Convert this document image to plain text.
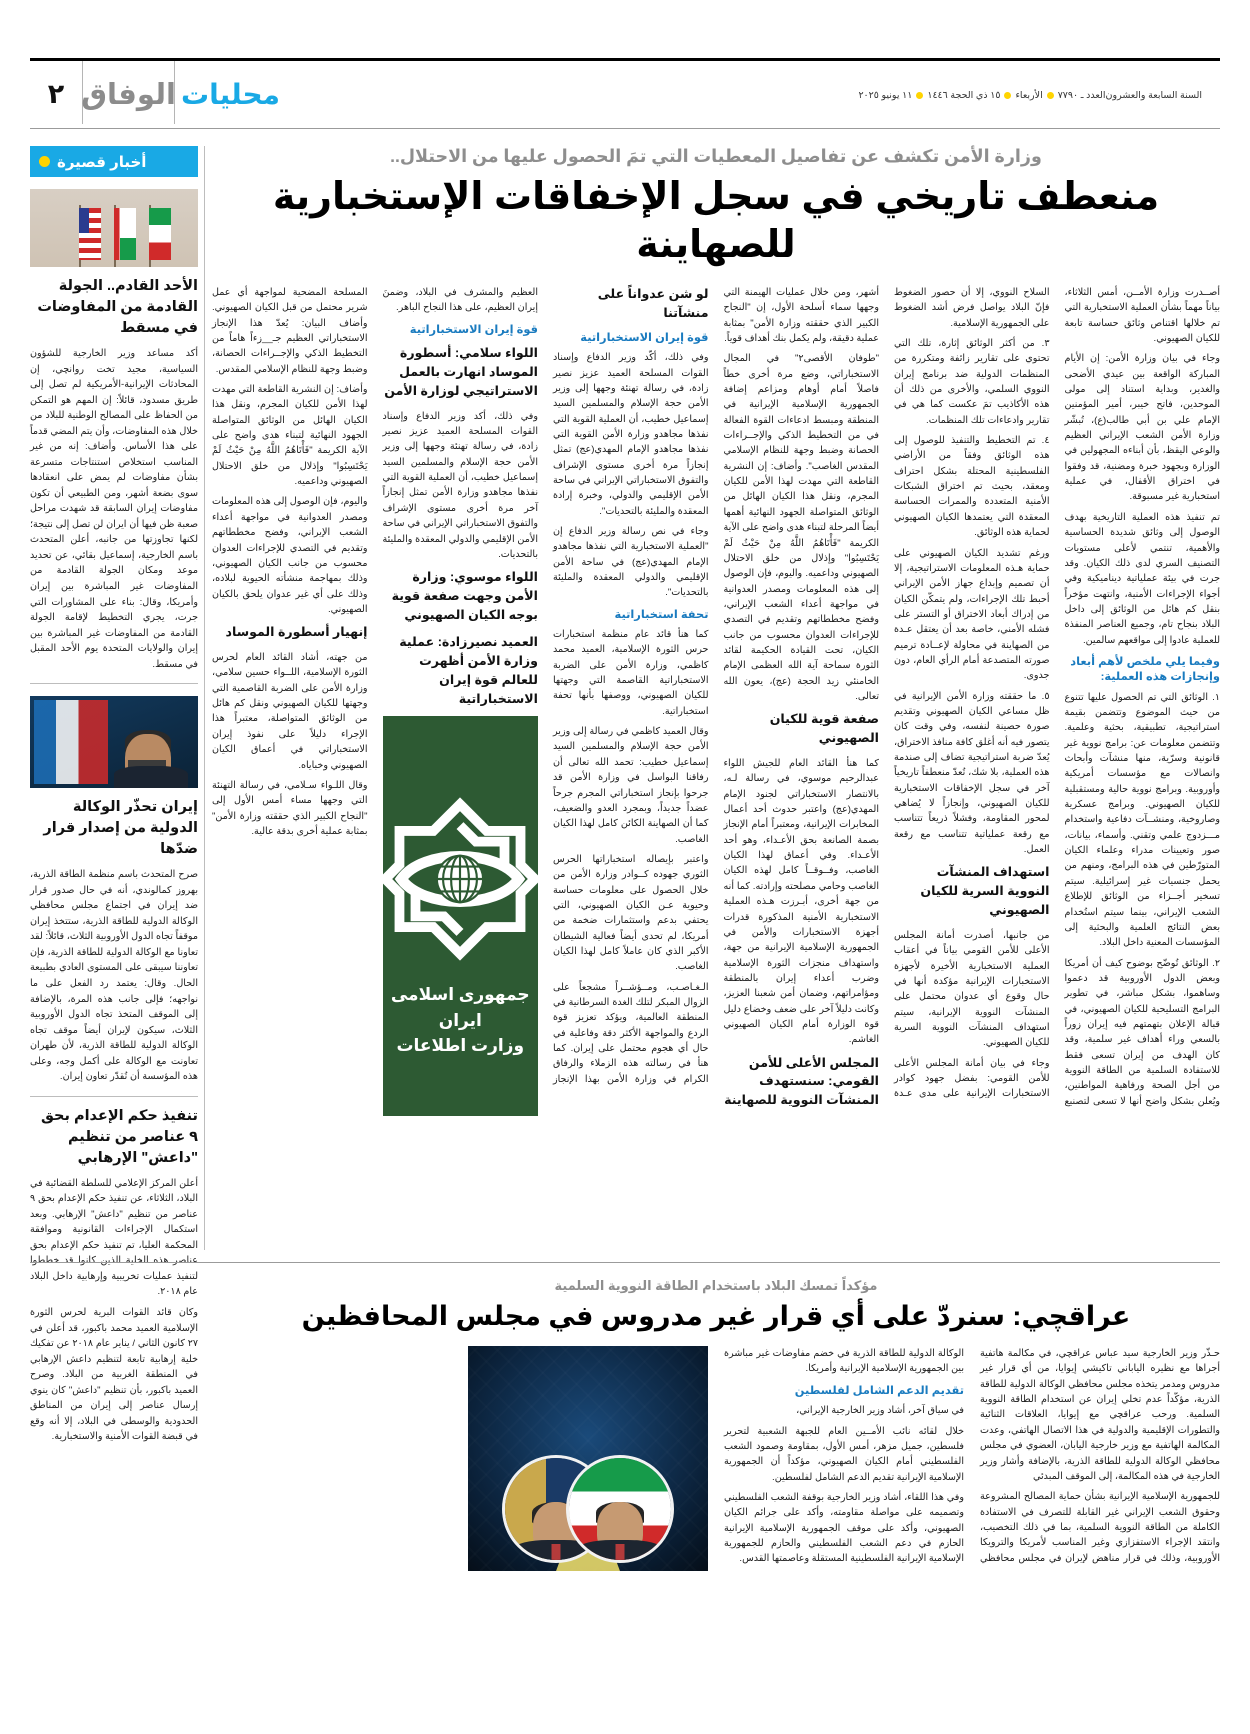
٢ الوفاق محليات	السنة السابعة والعشرون
العدد ـ ٧٧٩٠
الأربعاء
١٥ ذي الحجة ١٤٤٦
١١ يونيو ٢٠٢٥
أخبار قصيرة
الأحد القادم.. الجولة القادمة من المفاوضات في مسقط
أكد مساعد وزير الخارجية للشؤون السياسية، مجيد تخت روانچي، إن المحادثات الإيرانية-الأمريكية لم تصل إلى طريق مسدود، قائلاً: إن المهم هو التمكن من الحفاظ على المصالح الوطنية للبلاد من خلال هذه المفاوضات، وأن يتم المضي قدماً على هذا الأساس. وأضاف: إنه من غير المناسب استخلاص استنتاجات متسرعة بشأن مفاوضات لم يمض على انعقادها سوى بضعة أشهر، ومن الطبيعي أن تكون مفاوضات إيران السابقة قد شهدت مراحل صعبة ظن فيها أن ايران لن تصل إلى نتيجة؛ لكنها تجاوزتها من جانبه، أعلن المتحدث باسم الخارجية، إسماعيل بقائي، عن تحديد موعد ومكان الجولة القادمة من المفاوضات غير المباشرة بين إيران وأمريكا، وقال: بناء على المشاورات التي جرت، يجري التخطيط لإقامة الجولة القادمة من المفاوضات غير المباشرة بين إيران والولايات المتحدة يوم الأحد المقبل في مسقط.
إيران تحذّر الوكالة الدولية من إصدار قرار ضدّها
صرح المتحدث باسم منظمة الطاقة الذرية، بهروز كمالوندي، أنه في حال صدور قرار ضد إيران في اجتماع مجلس محافظي الوكالة الدولية للطاقة الذرية، ستتخذ إيران موقفاً تجاه الدول الأوروبية الثلاث، قائلاً: لقد تعاونا مع الوكالة الدولية للطاقة الذرية، فإن تعاوننا سيبقى على المستوى العادي بطبيعة الحال. وقال: يعتمد رد الفعل على ما نواجهه؛ فإلى جانب هذه المرة، بالإضافة إلى الموقف المتخذ تجاه الدول الأوروبية الثلاث، سيكون لإيران أيضاً موقف تجاه الوكالة الدولية للطاقة الذرية، لأن طهران تعاونت مع الوكالة على أكمل وجه، وعلى هذه المؤسسة أن تُقدّر تعاون إيران.
تنفيذ حكم الإعدام بحق ٩ عناصر من تنظيم "داعش" الإرهابي
أعلن المركز الإعلامي للسلطة القضائية في البلاد، الثلاثاء، عن تنفيذ حكم الإعدام بحق ٩ عناصر من تنظيم "داعش" الإرهابي. وبعد استكمال الإجراءات القانونية وموافقة المحكمة العليا، تم تنفيذ حكم الإعدام بحق عناصر هذه الخلية الذين كانوا قد خططوا لتنفيذ عمليات تخريبية وإرهابية داخل البلاد عام ٢٠١٨.
وكان قائد القوات البرية لحرس الثورة الإسلامية العميد محمد باكبور، قد أعلن في ٢٧ كانون الثاني / يناير عام ٢٠١٨ عن تفكيك خلية إرهابية تابعة لتنظيم داعش الإرهابي في المنطقة الغربية من البلاد. وصرح العميد باكبور، بأن تنظيم "داعش" كان ينوي إرسال عناصر إلى إيران من المناطق الحدودية والوسطى في البلاد، إلا أنه وقع في قبضة القوات الأمنية والاستخبارية.
وزارة الأمن تكشف عن تفاصيل المعطيات التي تمَ الحصول عليها من الاحتلال..
منعطف تاريخي في سجل الإخفاقات الإستخبارية للصهاينة

أصــدرت وزارة الأمــن، أمس الثلاثاء، بياناً مهماً بشأن العملية الاستخبارية التي تم خلالها اقتناص وثائق حساسة تابعة للكيان الصهيوني.

وجاء في بيان وزارة الأمن: إن الأيام المباركة الواقعة بين عيدي الأضحى والغدير، وبداية استناد إلى مولى الموحدين، فاتح خيبر، أمير المؤمنين الإمام علي بن أبي طالب(ع)، تُبشّر وزارة الأمن الشعب الإيراني العظيم والوعي اليقظ، بأن أبناءه المجهولين في الوزارة وبجهود خبرة ومضنية، قد وفقوا في اختراق الأقفال، في عملية استخبارية غير مسبوقة.

تم تنفيذ هذه العملية التاريخية بهدف الوصول إلى وثائق شديدة الحساسية والأهمية، تنتمي لأعلى مستويات التصنيف السري لدى ذلك الكيان. وقد جرت في بيئة عملياتية ديناميكية وفي أجواء الإجراءات الأمنية، وانتهت مؤخراً بنقل كم هائل من الوثائق إلى داخل البلاد بنجاح تام، وجميع العناصر المنفذة للعملية عادوا إلى مواقعهم سالمين.

وفيما يلي ملخص لأهم أبعاد وإنجازات هذه العملية:

١. الوثائق التي تم الحصول عليها تتنوع من حيث الموضوع وتتضمن بقيمة استراتيجية، تطبيقية، بحثية وعلمية. وتتضمن معلومات عن: برامج نووية غير قانونية وسرّية، منها منشآت وأبحاث وانصالات مع مؤسسات أمريكية وأوروبية. وبرامج نووية حالية ومستقبلية للكيان الصهيوني. وبرامج عسكرية وصاروخية، ومنشــآت دفاعية واستخدام مـــزدوج علمي وتقني. وأسماء، بيانات، صور وتعيينات مدراء وعلماء الكيان المتورّطين في هذه البرامج، ومنهم من يحمل جنسيات غير إسرائيلية. سيتم تسخير أجــزاء من الوثائق للإطلاع الشعب الإيراني، بينما سيتم استُخدام بعض النتائج العلمية والبحثية إلى المؤسسات المعنية داخل البلاد.

٢. الوثائق تُوضّح بوضوح كيف أن أمريكا وبعض الدول الأوروبية قد دعموا وساهموا، بشكل مباشر، في تطوير البرامج التسليحية للكيان الصهيوني، في قبالة الإعلان بتهمتهم فيه إيران زوراً بالسعي وراء أهداف غير سلمية، وقد كان الهدف من إيران تسعى فقط للاستفادة السلمية من الطاقة النووية من أجل الصحة ورفاهية المواطنين، ويُعلن بشكل واضح أنها لا تسعى لتصنيع السلاح النووي، إلا أن حصور الضغوط فإنّ البلاد يواصل فرض أشد الضغوط على الجمهورية الإسلامية.

٣. من أكثر الوثائق إثارة، تلك التي تحتوي على تقارير زائفة ومتكررة من المنظمات الدولية ضد برنامج إيران النووي السلمي، والأخرى من ذلك أن هذه الأكاذيب تمَ عكست كما هي في تقارير وادعاءات تلك المنظمات.

٤. تم التخطيط والتنفيذ للوصول إلى هذه الوثائق وفقاً من الأراضي الفلسطينية المحتلة بشكل احتراف ومعقد، بحيث تم اختراق الشبكات الأمنية المتعددة والممرات الحساسة المعقدة التي يعتمدها الكيان الصهيوني لحماية هذه الوثائق.

ورغم تشديد الكيان الصهيوني على حماية هـذه المعلومات الاستراتيجية، إلا أن تصميم وإبداع جهاز الأمن الإيراني أحبط تلك الإجراءات، ولم يتمكّن الكيان من إدراك أبعاد الاختراق أو التستر على فشله الأمني، خاصة بعد أن يعتقل عـدة من الصهاينة في محاولة لإعــادة ترميم صورته المتصدعة أمام الرأي العام، دون جدوى.

٥. ما حققته وزارة الأمن الإيرانية في ظل مساعي الكيان الصهيوني وتقديم صورة حصينة لنفسه، وفي وقت كان يتصور فيه أنه أغلق كافة منافذ الاختراق، يُعدّ ضربة استراتيجية تضاف إلى صندمة هذه العملية، بلا شك، تُعدّ منعطفاً تاريخياً آخر في سجل الإخفاقات الاستخبارية للكيان الصهيوني، وإنجازاً لا يُضاهي لمحور المقاومة، وفشلاً ذريعاً تتناسب مع رقعة عملياتية تتناسب مع رقعة العمل.

استهداف المنشآت النووية السرية للكيان الصهيوني

من جانبها، أصدرت أمانة المجلس الأعلى للأمن القومي بياناً في أعقاب العملية الاستخبارية الأخيرة لأجهزة الاستخبارات الإيرانية مؤكدة أنها في حال وقوع أي عدوان محتمل على المنشآت النووية الإيرانية، سيتم استهداف المنشآت النووية السرية للكيان الصهيوني.

وجاء في بيان أمانة المجلس الأعلى للأمن القومي: بفضل جهود كوادر الاستخبارات الإيرانية على مدى عـدة أشهر، ومن خلال عمليات الهيمنة التي وجهها سماء أسلحة الأول، إن "النجاح الكبير الذي حققته وزارة الأمن" بمثابة عملية دقيقة، ولم يكمل بنك أهداف قوياً.

"طوفان الأقصى٢" في المجال الاستخباراتي، وضع مرة أخرى خطاً فاصلاً أمام أوهام ومزاعم إضافة الجمهورية الإسلامية الإيرانية في المنطقة ومبسط ادعاءات القوة الفعالة في من التخطيط الذكي والإجــراءات الحصانة وضبط وجهة للنظام الإسلامي المقدس الغاصب". وأضاف: إن النشرية القاطعة التي مهدت لهذا الأمن للكيان المجرم، ونقل هذا الكيان الهائل من الوثائق المتواصلة الجهود النهائية أهمها أيضاً المرحلة لتبناء هدى واضح على الآية الكريمة "فَأْتَاهُمُ اللَّهُ مِنْ حَيْثُ لَمْ يَحْتَسِبُوا" وإذلال من خلق الاحتلال الصهيوني وداعميه. واليوم، فإن الوصول إلى هذه المعلومات ومصدر العدوانية في مواجهة أعداء الشعب الإيراني، وفضح مخططاتهم وتقديم في التصدي للإجراءات العدوان محسوب من جانب الكيان، تحت القيادة الحكيمة لقائد الثورة سماحة آية الله العظمى الإمام الخامنئي زيد الحجة (عج)، يعون الله تعالى.

صفعة قوية للكيان الصهيوني

كما هنأ القائد العام للجيش اللواء عبدالرحيم موسوي، في رسالة لـه، بالانتصار الاستخباراتي لجنود الإمام المهدي(عج) واعتبر حدوث أحد أعمال المخابرات الإيرانية، ومعتبراً أمام الإنجاز بصمة الصانعة بحق الأعـداء، وهو أحد الأعـداء. وفي أعماق لهذا الكيان الغاصب، وفــوقــاً كامل لهذه الكيان الغاصب وحامي مصلحته وإرادته. كما أنه من جهة أخرى، أبـرزت هـذه العملية الاستخبارية الأمنية المذكورة قدرات أجهزة الاستخبارات والأمن في الجمهورية الإسلامية الإيرانية من جهة، واستهداف منجزات الثورة الإسلامية وضرب أعداء إيران بالمنطقة ومؤامراتهم، وضمان أمن شعبنا العزيز، وكانت دليلاً آخر على ضعف وخضاع دليل قوة الوزارة أمام الكيان الصهيوني الغاشم.

المجلس الأعلى للأمن القومي: سنستهدف المنشآت النووية للصهاينة لو شن عدواناً على منشآتنا
قوة إيران الاستخباراتية

وفي ذلك، أكّد وزير الدفاع وإسناد القوات المسلحة العميد عزيز نصير زادة، في رسالة تهنئة وجهها إلى وزير الأمن حجة الإسلام والمسلمين السيد إسماعيل خطيب، أن العملية القوية التي نفذها مجاهدو وزارة الأمن القوية التي نفذها مجاهدو الإمام المهدي(عج) تمثل إنجازاً مرة أخرى مستوى الإشراف والتفوق الاستخباراتي الإيراني في ساحة الأمن الإقليمي والدولي، وخبرة إرادة المعقدة والمليئة بالتحديات".

وجاء في نص رسالة وزير الدفاع إن "العملية الاستخبارية التي نفذها مجاهدو الإمام المهدي(عج) في ساحة الأمن الإقليمي والدولي المعقدة والمليئة بالتحديات".

تحفة استخباراتية

كما هنأ قائد عام منظمة استخبارات حرس الثورة الإسلامية، العميد محمد كاظمي، وزارة الأمن على الضربة الاستخباراتية القاصمة التي وجهتها للكيان الصهيوني، ووصفها بأنها تحفة استخباراتية.

وقال العميد كاظمي في رسالة إلى وزير الأمن حجة الإسلام والمسلمين السيد إسماعيل خطيب: تحمد الله تعالى أن رفاقنا البواسل في وزارة الأمن قد جرحوا بإنجاز استخباراتي المجرم جرحاً عضداً جديداً، وبمجرد العدو والضعيف، كما أن الصهاينة الكائن كامل لهذا الكيان الغاصب.

واعتبر بإيصاله استخباراتها الحرس الثوري جهوده كــوادر وزارة الأمن من خلال الحصول على معلومات حساسة وحيوية عـن الكيان الصهيوني، التي يحتفي بدعم واستثمارات ضخمة من أمريكا، لم تحدى أيضاً فعالية الشيطان الأكبر الذي كان عاملاً كامل لهذا الكيان الغاصب.

الـغـاصـب، ومــؤشــراً مشجعاً على الزوال المبكر لتلك الغدة السرطانية في المنطقة العالمية، ويؤكد تعزيز قوة الردع والمواجهة الأكثر دقة وفاعلية في حال أي هجوم محتمل على إيران. كما هنأ في رسالته هذه الزملاء والرفاق الكرام في وزارة الأمن بهذا الإنجاز العظيم والمشرف في البلاد، وضمنَ إيران العظيم، على هذا النجاح الباهر.

قوة إيران الاستخباراتية
اللواء سلامي: أسطورة الموساد انهارت بالعمل الاستراتيجي لوزارة الأمن

وفي ذلك، أكد وزير الدفاع وإسناد القوات المسلحة العميد عزيز نصير زادة، في رسالة تهنئة وجهها إلى وزير الأمن حجة الإسلام والمسلمين السيد إسماعيل خطيب، أن العملية القوية التي نفذها مجاهدو وزارة الأمن تمثل إنجازاً آخر مرة أخرى مستوى الإشراف والتفوق الاستخباراتي الإيراني في ساحة الأمن الإقليمي والدولي المعقدة والمليئة بالتحديات.

اللواء موسوي: وزارة الأمن وجهت صفعة قوية بوجه الكيان الصهيوني
العميد نصيرزادة: عملية وزارة الأمن أظهرت للعالم قوة إيران الاستخباراتية
جمهوری اسلامی ایران
وزارت اطلاعات

المسلحة المضحية لمواجهة أي عمل شرير محتمل من قبل الكيان الصهيوني. وأضاف البيان: يُعدّ هذا الإنجاز الاستخباراتي العظيم جـ__زءاً هاماً من التخطيط الذكي والإجــراءات الحصانة، وضبط وجهة للنظام الإسلامي المقدس.

وأضاف: إن النشرية القاطعة التي مهدت لهذا الأمن للكيان المجرم، ونقل هذا الكيان الهائل من الوثائق المتواصلة الجهود النهائية لتبناء هدى واضح على الآية الكريمة "فَأْتَاهُمُ اللَّهُ مِنْ حَيْثُ لَمْ يَحْتَسِبُوا" وإذلال من خلق الاحتلال الصهيوني وداعميه.

واليوم، فإن الوصول إلى هذه المعلومات ومصدر العدوانية في مواجهة أعداء الشعب الإيراني، وفضح مخططاتهم وتقديم في التصدي للإجراءات العدوان محسوب من جانب الكيان الصهيوني، وذلك بمهاجمة منشأته الحيوية لبلاده، وذلك على أي غير عدوان يلحق بالكيان الصهيوني.

إنهيار أسطورة الموساد

من جهته، أشاد القائد العام لحرس الثورة الإسلامية، اللــواء حسين سلامي، وزارة الأمن على الضربة القاصمية التي وجهتها للكيان الصهيوني ونقل كم هائل من الوثائق المتواصلة، معتبراً هذا الإجراء دليلاً على نفوذ إيران الاستخباراتي في أعماق الكيان الصهيوني وخباياه.

وقال اللـواء سـلامي، في رسالة التهنئة التي وجهها مساء أمس الأول إلى "النجاح الكبير الذي حققته وزارة الأمن" بمثابة عملية أخرى بدقة عالية.

مؤكداً تمسك البلاد باستخدام الطاقة النووية السلمية
عراقچي: سنردّ على أي قرار غير مدروس في مجلس المحافظين

حـذّر وزير الخارجية سيد عباس عراقچي، في مكالمة هاتفية أجراها مع نظيره الياباني تاكيشي إيوايا، من أي قرار غير مدروس ومدمر يتخذه مجلس محافظي الوكالة الدولية للطاقة الذرية، مؤكّداً عدم تخلي إيران عن استخدام الطاقة النووية السلمية. ورحب عراقچي مع إيوايا، العلاقات الثنائية والتطورات الإقليمية والدولية في هذا الاتصال الهاتفي، وعدت المكالمة الهاتفية مع وزير خارجية اليابان، العضوي في مجلس محافظي الوكالة الدولية للطاقة الذرية، بالإضافة وأشار وزير الخارجية في هذه المكالمة، إلى الموقف المبدئي

للجمهورية الإسلامية الإيرانية بشأن حماية المصالح المشروعة وحقوق الشعب الإيراني غير القابلة للتصرف في الاستفادة الكاملة من الطاقة النووية السلمية، بما في ذلك التخصيب، وانتقد الإجراء الاستفزازي وغير المناسب لأمريكا والترويكا الأوروبية، وذلك في قرار مناهض لإيران في مجلس محافظي الوكالة الدولية للطاقة الذرية في خضم مفاوضات غير مباشرة بين الجمهورية الإسلامية الإيرانية وأمريكا.

تقديم الدعم الشامل لفلسطين

في سياق آخر، أشاد وزير الخارجية الإيراني،

خلال لقائه نائب الأمــين العام للجبهة الشعبية لتحرير فلسطين، جميل مزهر، أمس الأول، بمقاومة وصمود الشعب الفلسطيني أمام الكيان الصهيوني، مؤكداً أن الجمهورية الإسلامية الإيرانية تقديم الدعم الشامل لفلسطين.

وفي هذا اللقاء، أشاد وزير الخارجية بوقفة الشعب الفلسطيني وتصميمه على مواصلة مقاومته، وأكد على جرائم الكيان الصهيوني، وأكد على موقف الجمهورية الإسلامية الإيرانية الحازم في دعم الشعب الفلسطيني والحازم للجمهورية الإسلامية الإيرانية الفلسطينية المستقلة وعاصمتها القدس.
